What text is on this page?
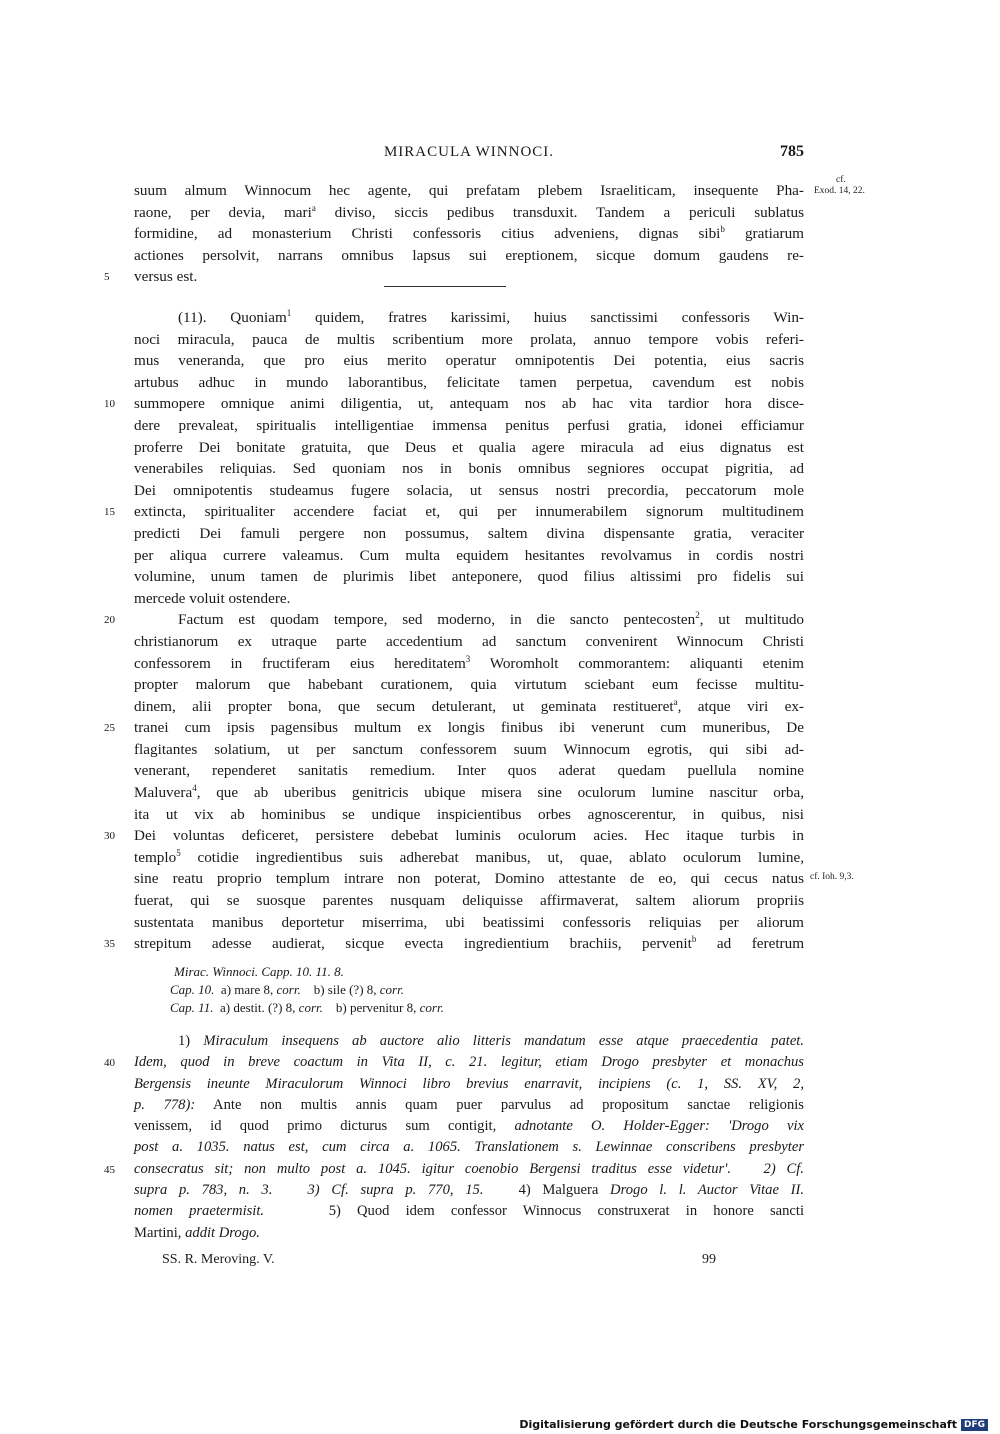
MIRACULA WINNOCI.	785
suum almum Winnocum hec agente, qui prefatam plebem Israeliticam, insequente Pha-
cf.
Exod. 14, 22.
raone, per devia, mari$^a$ diviso, siccis pedibus transduxit. Tandem a periculi sublatus
formidine, ad monasterium Christi confessoris citius adveniens, dignas sibi$^b$ gratiarum
actiones persolvit, narrans omnibus lapsus sui ereptionem, sicque domum gaudens re-
5	versus est.
(11). Quoniam$^1$ quidem, fratres karissimi, huius sanctissimi confessoris Win-
noci miracula, pauca de multis scribentium more prolata, annuo tempore vobis referi-
mus veneranda, que pro eius merito operatur omnipotentis Dei potentia, eius sacris
artubus adhuc in mundo laborantibus, felicitate tamen perpetua, cavendum est nobis
10	summopere omnique animi diligentia, ut, antequam nos ab hac vita tardior hora disce-
dere prevaleat, spiritualis intelligentiae immensa penitus perfusi gratia, idonei efficiamur
proferre Dei bonitate gratuita, que Deus et qualia agere miracula ad eius dignatus est
venerabiles reliquias. Sed quoniam nos in bonis omnibus segniores occupat pigritia, ad
Dei omnipotentis studeamus fugere solacia, ut sensus nostri precordia, peccatorum mole
15	extincta, spiritualiter accendere faciat et, qui per innumerabilem signorum multitudinem
predicti Dei famuli pergere non possumus, saltem divina dispensante gratia, veraciter
per aliqua currere valeamus. Cum multa equidem hesitantes revolvamus in cordis nostri
volumine, unum tamen de plurimis libet anteponere, quod filius altissimi pro fidelis sui
mercede voluit ostendere.
20	Factum est quodam tempore, sed moderno, in die sancto pentecosten$^2$, ut multitudo
christianorum ex utraque parte accedentium ad sanctum convenirent Winnocum Christi
confessorem in fructiferam eius hereditatem$^3$ Woromholt commorantem: aliquanti etenim
propter malorum que habebant curationem, quia virtutum sciebant eum fecisse multitu-
dinem, alii propter bona, que secum detulerant, ut geminata restitueret$^a$, atque viri ex-
25	tranei cum ipsis pagensibus multum ex longis finibus ibi venerunt cum muneribus, De
flagitantes solatium, ut per sanctum confessorem suum Winnocum egrotis, qui sibi ad-
venerant, rependeret sanitatis remedium. Inter quos aderat quedam puellula nomine
Maluvera$^4$, que ab uberibus genitricis ubique misera sine oculorum lumine nascitur orba,
ita ut vix ab hominibus se undique inspicientibus orbes agnoscerentur, in quibus, nisi
30	Dei voluntas deficeret, persistere debebat luminis oculorum acies. Hec itaque turbis in
templo$^5$ cotidie ingredientibus suis adherebat manibus, ut, quae, ablato oculorum lumine,
sine reatu proprio templum intrare non poterat, Domino attestante de eo, qui cecus natus cf. Ioh. 9,3.
fuerat, qui se suosque parentes nusquam deliquisse affirmaverat, saltem aliorum propriis
sustentata manibus deportetur miserrima, ubi beatissimi confessoris reliquias per aliorum
35	strepitum adesse audierat, sicque evecta ingredientium brachiis, pervenit$^b$ ad feretrum
Mirac. Winnoci. Capp. 10. 11. 8.
Cap. 10. a) mare 8, corr. b) sile (?) 8, corr.
Cap. 11. a) destit. (?) 8, corr. b) pervenitur 8, corr.
1) Miraculum insequens ab auctore alio litteris mandatum esse atque praecedentia patet.
40	Idem, quod in breve coactum in Vita II, c. 21. legitur, etiam Drogo presbyter et monachus
Bergensis ineunte Miraculorum Winnoci libro brevius enarravit, incipiens (c. 1, SS. XV, 2,
p. 778): Ante non multis annis quam puer parvulus ad propositum sanctae religionis
venissem, id quod primo dicturus sum contigit, adnotante O. Holder-Egger: 'Drogo vix
post a. 1035. natus est, cum circa a. 1065. Translationem s. Lewinnae conscribens presbyter
45	consecratus sit; non multo post a. 1045. igitur coenobio Bergensi traditus esse videtur'. 2) Cf.
supra p. 783, n. 3. 3) Cf. supra p. 770, 15. 4) Malguera Drogo l. l. Auctor Vitae II.
nomen praetermisit.	5) Quod idem confessor Winnocus construxerat in honore sancti
Martini, addit Drogo.
SS. R. Meroving. V.	99
Digitalisierung gefördert durch die Deutsche Forschungsgemeinschaft DFG
